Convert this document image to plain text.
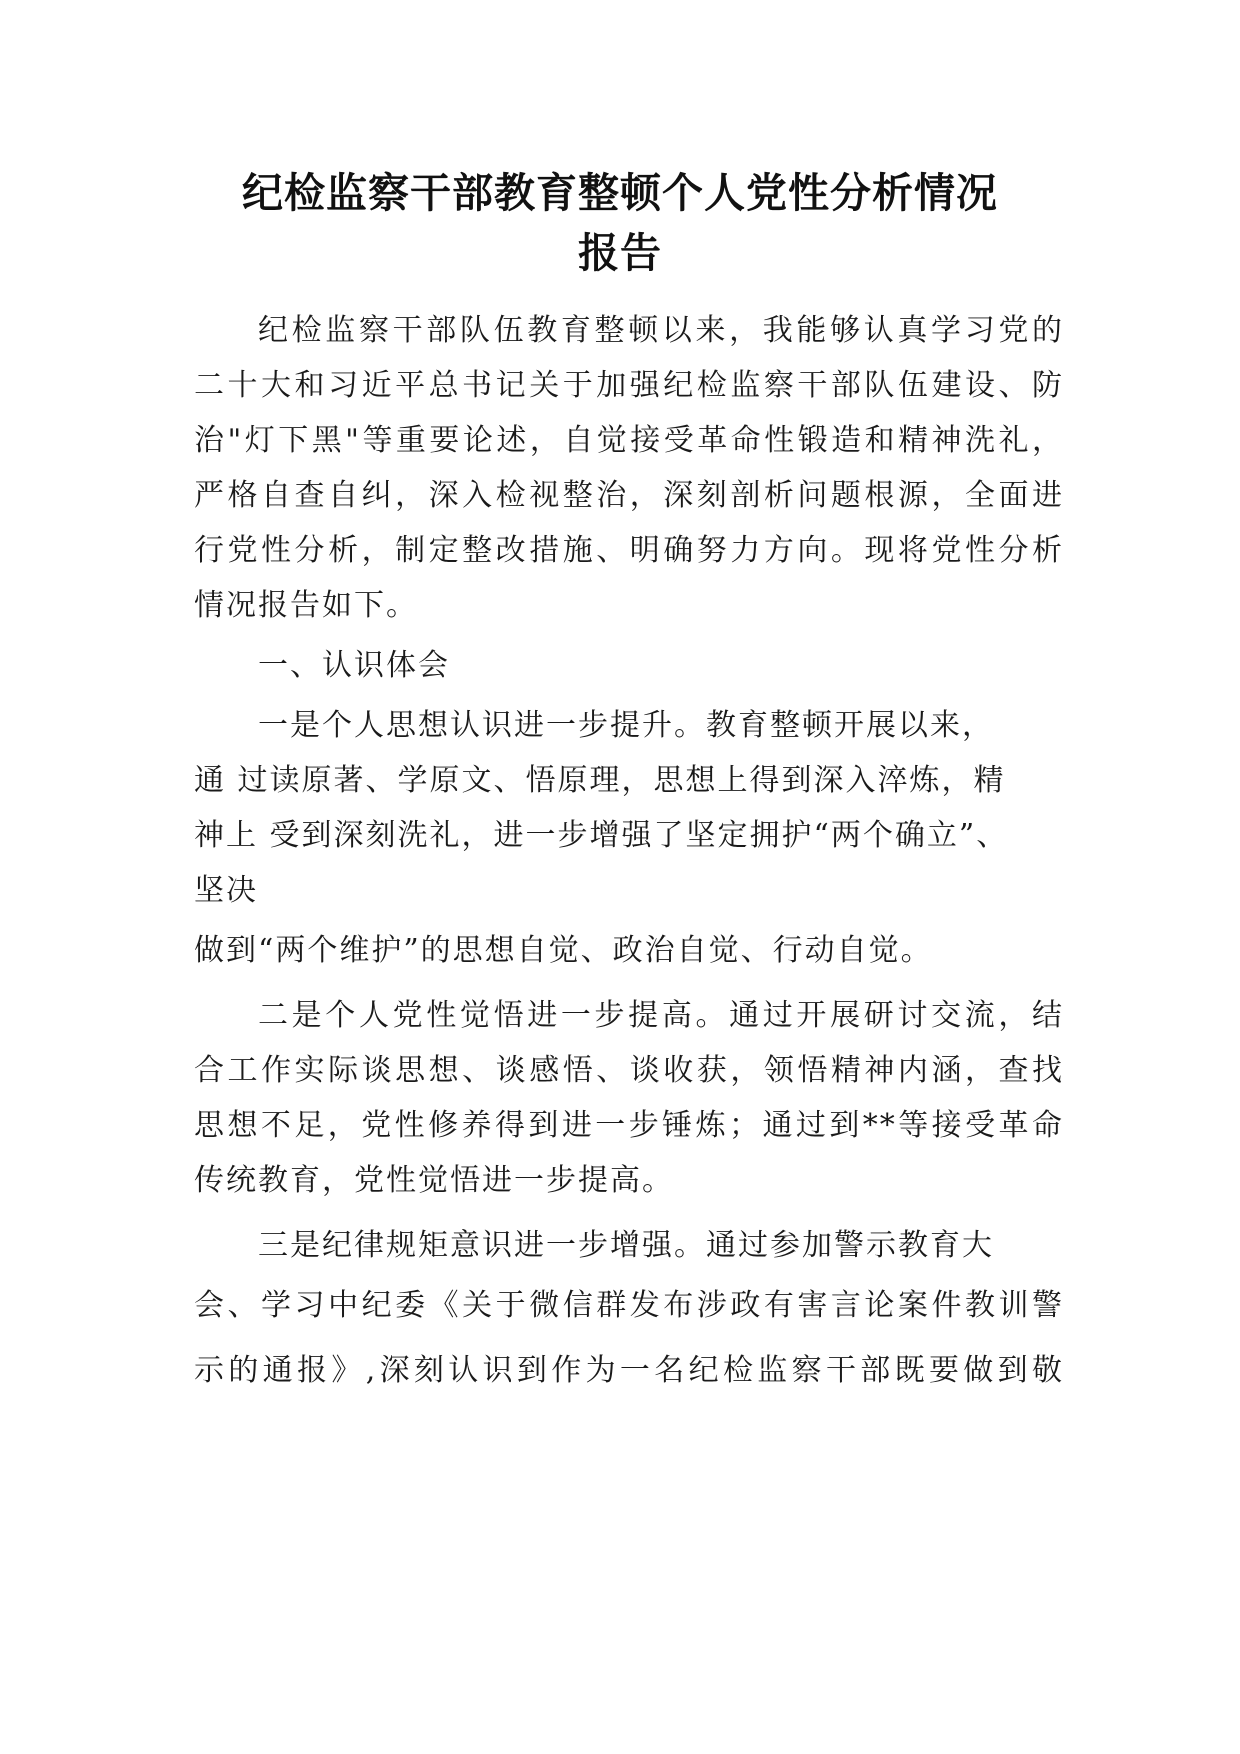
纪检监察干部教育整顿个人党性分析情况
报告

纪检监察干部队伍教育整顿以来，我能够认真学习党的

二十大和习近平总书记关于加强纪检监察干部队伍建设、防

治"灯下黑"等重要论述，自觉接受革命性锻造和精神洗礼，

严格自查自纠，深入检视整治，深刻剖析问题根源，全面进

行党性分析，制定整改措施、明确努力方向。现将党性分析

情况报告如下。

一、认识体会

一是个人思想认识进一步提升。教育整顿开展以来，

通 过读原著、学原文、悟原理，思想上得到深入淬炼，精

神上 受到深刻洗礼，进一步增强了坚定拥护“两个确立”、

坚决

做到“两个维护”的思想自觉、政治自觉、行动自觉。

二是个人党性觉悟进一步提高。通过开展研讨交流，结

合工作实际谈思想、谈感悟、谈收获，领悟精神内涵，查找

思想不足，党性修养得到进一步锤炼；通过到**等接受革命

传统教育，党性觉悟进一步提高。

三是纪律规矩意识进一步增强。通过参加警示教育大

会、学习中纪委《关于微信群发布涉政有害言论案件教训警

示的通报》,深刻认识到作为一名纪检监察干部既要做到敬
